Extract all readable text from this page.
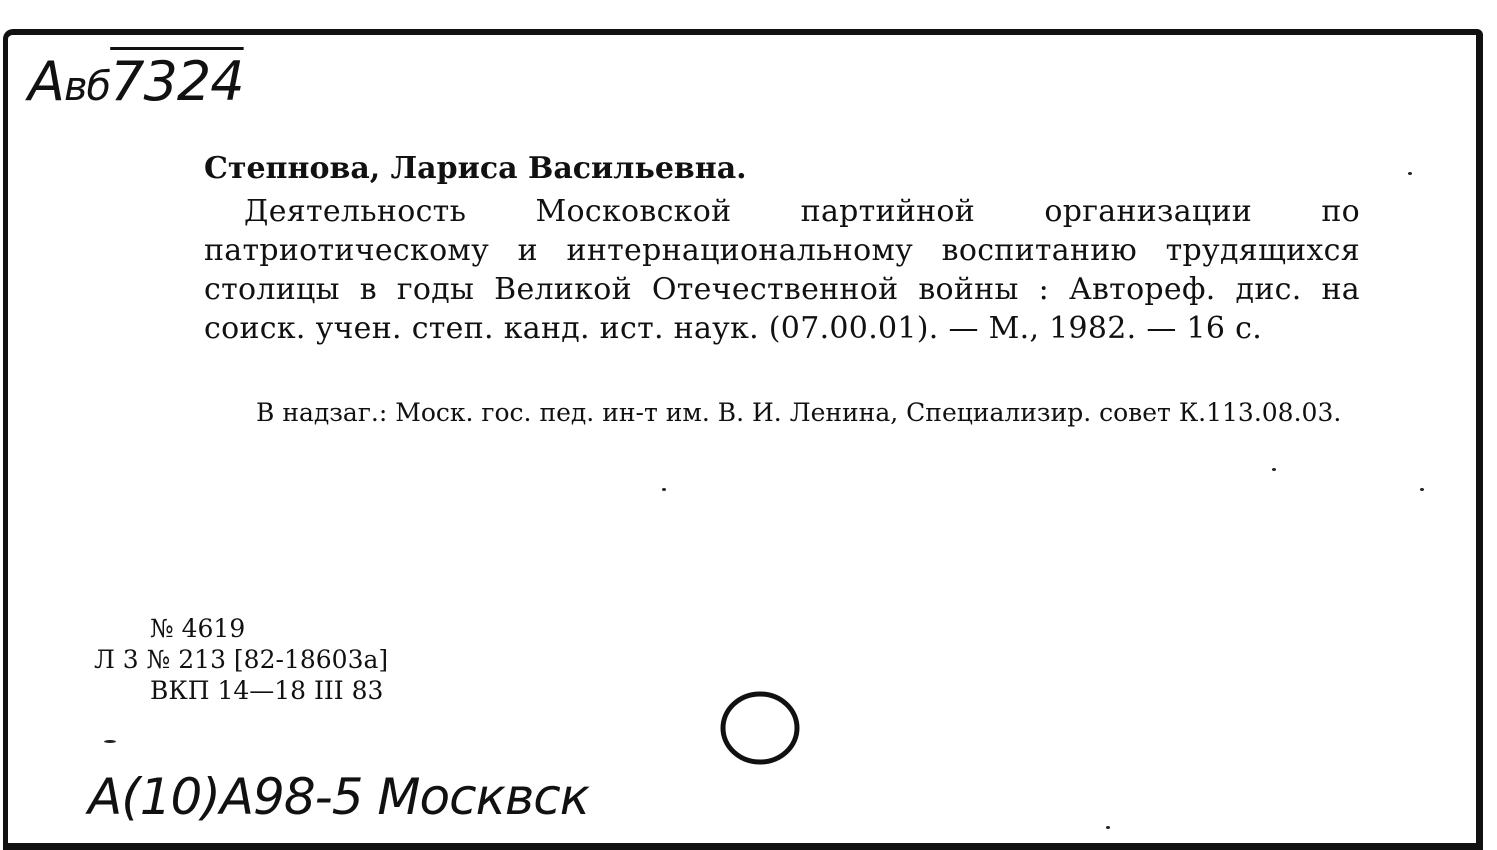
Авб7324
Степнова, Лариса Васильевна.
Деятельность Московской партийной организации по патриотическому и интернациональному воспитанию трудящихся столицы в годы Великой Отечественной войны : Автореф. дис. на соиск. учен. степ. канд. ист. наук. (07.00.01). — М., 1982. — 16 с.
В надзаг.: Моск. гос. пед. ин-т им. В. И. Ленина, Специализир. совет К.113.08.03.
№ 4619
Л 3 № 213 [82-18603а]
ВКП 14—18 III 83
А(10)А98-5 Москвск
